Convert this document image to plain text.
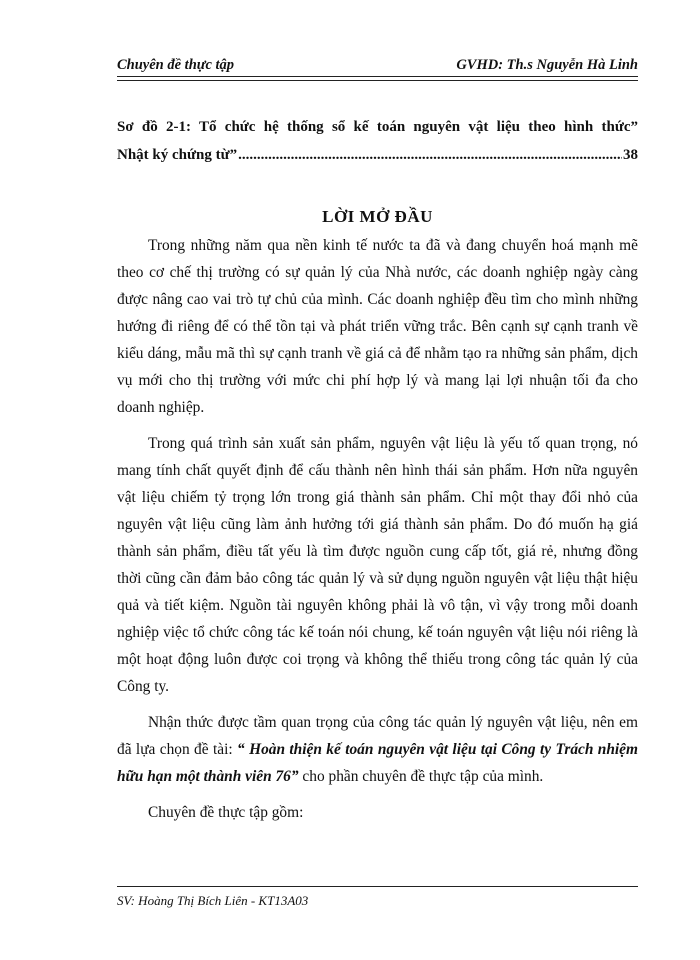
Chuyên đề thực tập	GVHD: Th.s Nguyễn Hà Linh
Sơ đồ 2-1: Tổ chức hệ thống sổ kế toán nguyên vật liệu theo hình thức”
Nhật ký chứng từ”
.....	38
LỜI MỞ ĐẦU

Trong những năm qua nền kinh tế nước ta đã và đang chuyển hoá mạnh mẽ theo cơ chế thị trường có sự quản lý của Nhà nước, các doanh nghiệp ngày càng được nâng cao vai trò tự chủ của mình. Các doanh nghiệp đều tìm cho mình những hướng đi riêng để có thể tồn tại và phát triển vững trắc. Bên cạnh sự cạnh tranh về kiểu dáng, mẫu mã thì sự cạnh tranh về giá cả để nhằm tạo ra những sản phẩm, dịch vụ mới cho thị trường với mức chi phí hợp lý và mang lại lợi nhuận tối đa cho doanh nghiệp.

Trong quá trình sản xuất sản phẩm, nguyên vật liệu là yếu tố quan trọng, nó mang tính chất quyết định để cấu thành nên hình thái sản phẩm. Hơn nữa nguyên vật liệu chiếm tỷ trọng lớn trong giá thành sản phẩm. Chỉ một thay đổi nhỏ của nguyên vật liệu cũng làm ảnh hưởng tới giá thành sản phẩm. Do đó muốn hạ giá thành sản phẩm, điều tất yếu là tìm được nguồn cung cấp tốt, giá rẻ, nhưng đồng thời cũng cần đảm bảo công tác quản lý và sử dụng nguồn nguyên vật liệu thật hiệu quả và tiết kiệm. Nguồn tài nguyên không phải là vô tận, vì vậy trong mỗi doanh nghiệp việc tổ chức công tác kế toán nói chung, kế toán nguyên vật liệu nói riêng là một hoạt động luôn được coi trọng và không thể thiếu trong công tác quản lý của Công ty.

Nhận thức được tầm quan trọng của công tác quản lý nguyên vật liệu, nên em đã lựa chọn đề tài: “ Hoàn thiện kế toán nguyên vật liệu tại Công ty Trách nhiệm hữu hạn một thành viên 76” cho phần chuyên đề thực tập của mình.

Chuyên đề thực tập gồm:

SV: Hoàng Thị Bích Liên - KT13A03
